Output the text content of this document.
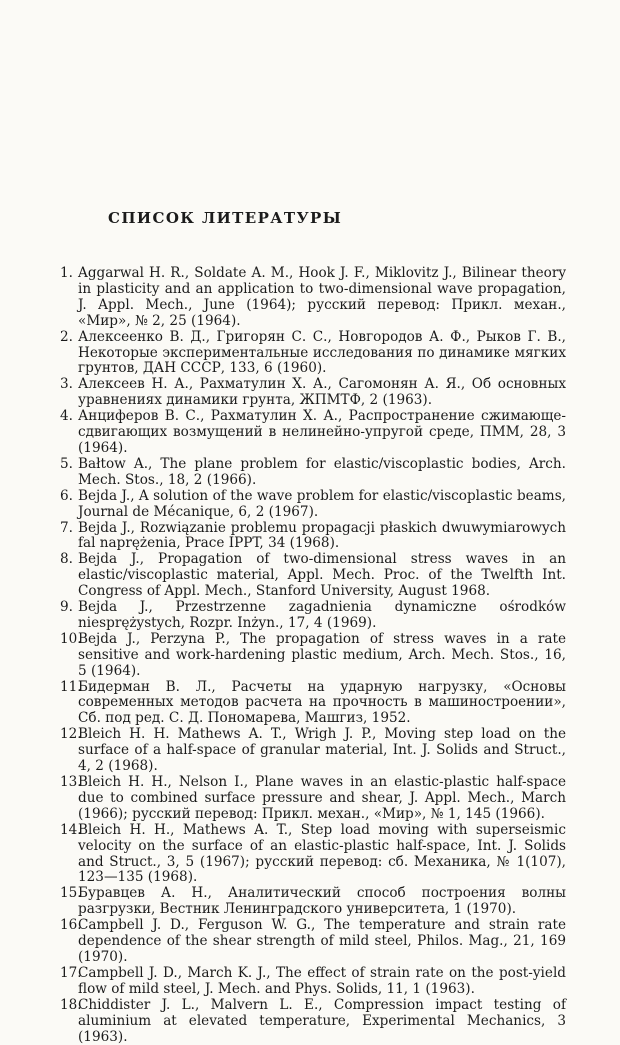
СПИСОК ЛИТЕРАТУРЫ
1. Aggarwal H. R., Soldate A. M., Hook J. F., Miklovitz J., Bilinear theory in plasticity and an application to two-dimensional wave propagation, J. Appl. Mech., June (1964); русский перевод: Прикл. механ., «Мир», № 2, 25 (1964).
2. Алексеенко В. Д., Григорян С. С., Новгородов А. Ф., Рыков Г. В., Некоторые экспериментальные исследования по динамике мягких грунтов, ДАН СССР, 133, 6 (1960).
3. Алексеев Н. А., Рахматулин Х. А., Сагомонян А. Я., Об основных уравнениях динамики грунта, ЖПМТФ, 2 (1963).
4. Анциферов В. С., Рахматулин Х. А., Распространение сжимающе-сдвигающих возмущений в нелинейно-упругой среде, ПММ, 28, 3 (1964).
5. Bałtow A., The plane problem for elastic/viscoplastic bodies, Arch. Mech. Stos., 18, 2 (1966).
6. Bejda J., A solution of the wave problem for elastic/viscoplastic beams, Journal de Mécanique, 6, 2 (1967).
7. Bejda J., Rozwiązanie problemu propagacji płaskich dwuwymiarowych fal naprężenia, Prace IPPT, 34 (1968).
8. Bejda J., Propagation of two-dimensional stress waves in an elastic/viscoplastic material, Appl. Mech. Proc. of the Twelfth Int. Congress of Appl. Mech., Stanford University, August 1968.
9. Bejda J., Przestrzenne zagadnienia dynamiczne ośrodków niesprężystych, Rozpr. Inżyn., 17, 4 (1969).
10.
Bejda J., Perzyna P., The propagation of stress waves in a rate sensitive and work-hardening plastic medium, Arch. Mech. Stos., 16, 5 (1964).
11.
Бидерман В. Л., Расчеты на ударную нагрузку, «Основы современных методов расчета на прочность в машиностроении», Сб. под ред. С. Д. Пономарева, Машгиз, 1952.
12.
Bleich H. H. Mathews A. T., Wrigh J. P., Moving step load on the surface of a half-space of granular material, Int. J. Solids and Struct., 4, 2 (1968).
13.
Bleich H. H., Nelson I., Plane waves in an elastic-plastic half-space due to combined surface pressure and shear, J. Appl. Mech., March (1966); русский перевод: Прикл. механ., «Мир», № 1, 145 (1966).
14.
Bleich H. H., Mathews A. T., Step load moving with superseismic velocity on the surface of an elastic-plastic half-space, Int. J. Solids and Struct., 3, 5 (1967); русский перевод: сб. Механика, № 1(107), 123—135 (1968).
15.
Буравцев А. Н., Аналитический способ построения волны разгрузки, Вестник Ленинградского университета, 1 (1970).
16.
Campbell J. D., Ferguson W. G., The temperature and strain rate dependence of the shear strength of mild steel, Philos. Mag., 21, 169 (1970).
17.
Campbell J. D., March K. J., The effect of strain rate on the post-yield flow of mild steel, J. Mech. and Phys. Solids, 11, 1 (1963).
18.
Chiddister J. L., Malvern L. E., Compression impact testing of aluminium at elevated temperature, Experimental Mechanics, 3 (1963).
